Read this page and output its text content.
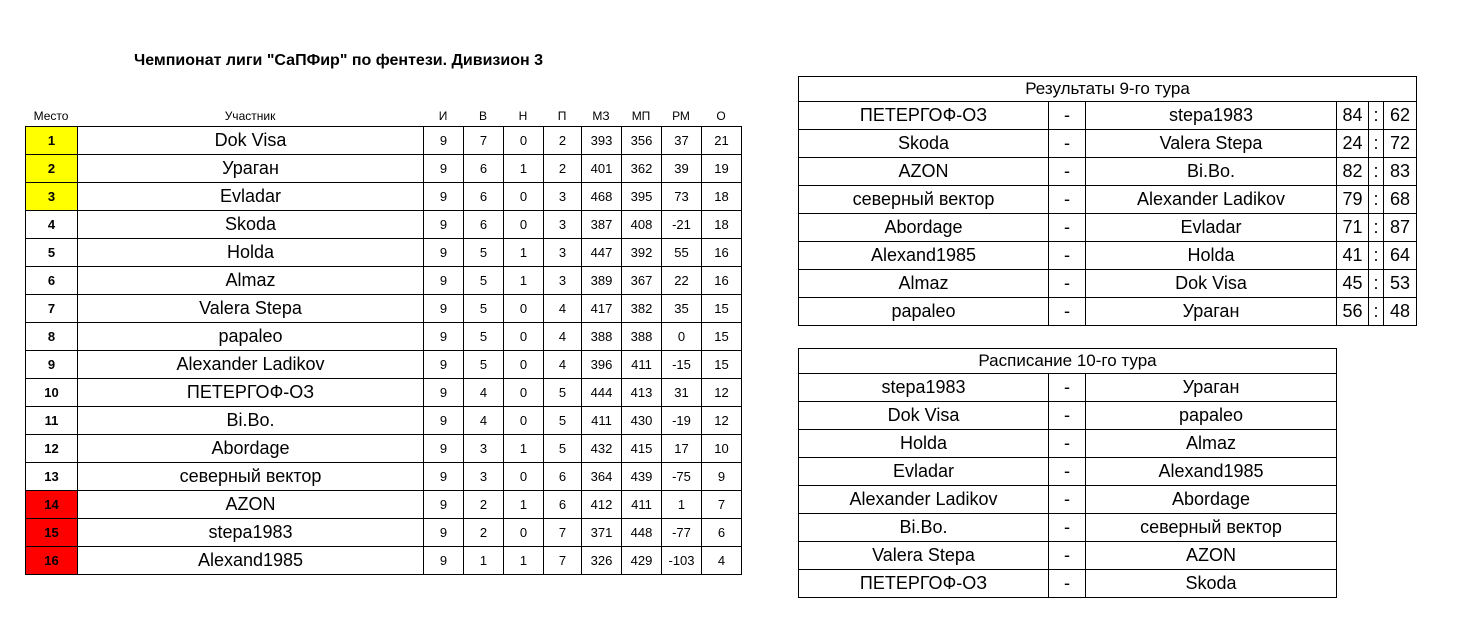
Чемпионат лиги "СаПФир" по фентези. Дивизион 3
Место	Участник	И	В	Н	П	МЗ	МП	РМ	О
1	Dok Visa	9	7	0	2	393	356	37	21
2	Ураган	9	6	1	2	401	362	39	19
3	Evladar	9	6	0	3	468	395	73	18
4	Skoda	9	6	0	3	387	408	-21	18
5	Holda	9	5	1	3	447	392	55	16
6	Almaz	9	5	1	3	389	367	22	16
7	Valera Stepa	9	5	0	4	417	382	35	15
8	papaleo	9	5	0	4	388	388	0	15
9	Alexander Ladikov	9	5	0	4	396	411	-15	15
10	ПЕТЕРГОФ-ОЗ	9	4	0	5	444	413	31	12
11	Bi.Bo.	9	4	0	5	411	430	-19	12
12	Abordage	9	3	1	5	432	415	17	10
13	северный вектор	9	3	0	6	364	439	-75	9
14	AZON	9	2	1	6	412	411	1	7
15	stepa1983	9	2	0	7	371	448	-77	6
16	Alexand1985	9	1	1	7	326	429	-103	4
Результаты 9-го тура					
ПЕТЕРГОФ-ОЗ	-	stepa1983	84	:	62
Skoda	-	Valera Stepa	24	:	72
AZON	-	Bi.Bo.	82	:	83
северный вектор	-	Alexander Ladikov	79	:	68
Abordage	-	Evladar	71	:	87
Alexand1985	-	Holda	41	:	64
Almaz	-	Dok Visa	45	:	53
papaleo	-	Ураган	56	:	48
Расписание 10-го тура		
stepa1983	-	Ураган
Dok Visa	-	papaleo
Holda	-	Almaz
Evladar	-	Alexand1985
Alexander Ladikov	-	Abordage
Bi.Bo.	-	северный вектор
Valera Stepa	-	AZON
ПЕТЕРГОФ-ОЗ	-	Skoda
